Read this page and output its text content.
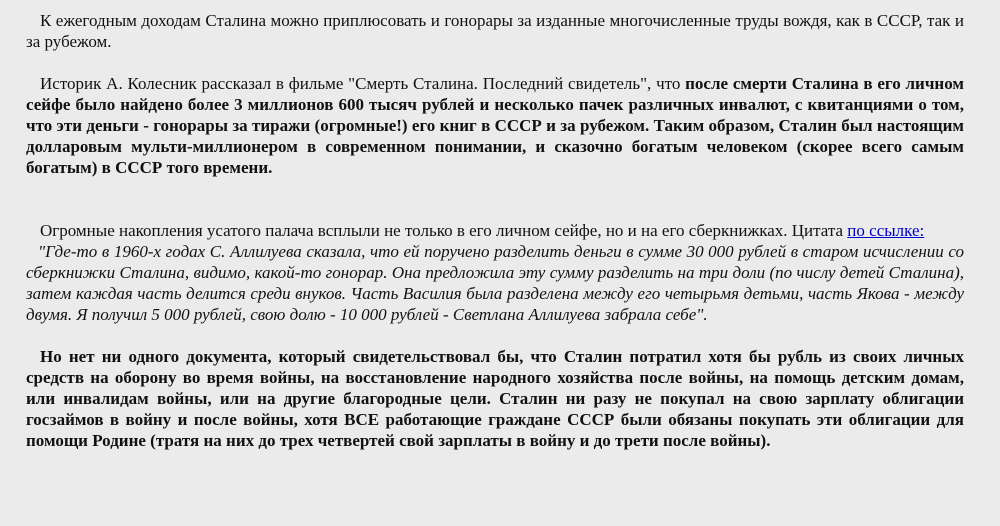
К ежегодным доходам Сталина можно приплюсовать и гонорары за изданные многочисленные труды вождя, как в СССР, так и за рубежом.

Историк А. Колесник рассказал в фильме "Смерть Сталина. Последний свидетель", что после смерти Сталина в его личном сейфе было найдено более 3 миллионов 600 тысяч рублей и несколько пачек различных инвалют, с квитанциями о том, что эти деньги - гонорары за тиражи (огромные!) его книг в СССР и за рубежом. Таким образом, Сталин был настоящим долларовым мульти-миллионером в современном понимании, и сказочно богатым человеком (скорее всего самым богатым) в СССР того времени.

Огромные накопления усатого палача всплыли не только в его личном сейфе, но и на его сберкнижках. Цитата по ссылке:

"Где-то в 1960-х годах С. Аллилуева сказала, что ей поручено разделить деньги в сумме 30 000 рублей в старом исчислении со сберкнижки Сталина, видимо, какой-то гонорар. Она предложила эту сумму разделить на три доли (по числу детей Сталина), затем каждая часть делится среди внуков. Часть Василия была разделена между его четырьмя детьми, часть Якова - между двумя. Я получил 5 000 рублей, свою долю - 10 000 рублей - Светлана Аллилуева забрала себе".

Но нет ни одного документа, который свидетельствовал бы, что Сталин потратил хотя бы рубль из своих личных средств на оборону во время войны, на восстановление народного хозяйства после войны, на помощь детским домам, или инвалидам войны, или на другие благородные цели. Сталин ни разу не покупал на свою зарплату облигации госзаймов в войну и после войны, хотя ВСЕ работающие граждане СССР были обязаны покупать эти облигации для помощи Родине (тратя на них до трех четвертей свой зарплаты в войну и до трети после войны).
